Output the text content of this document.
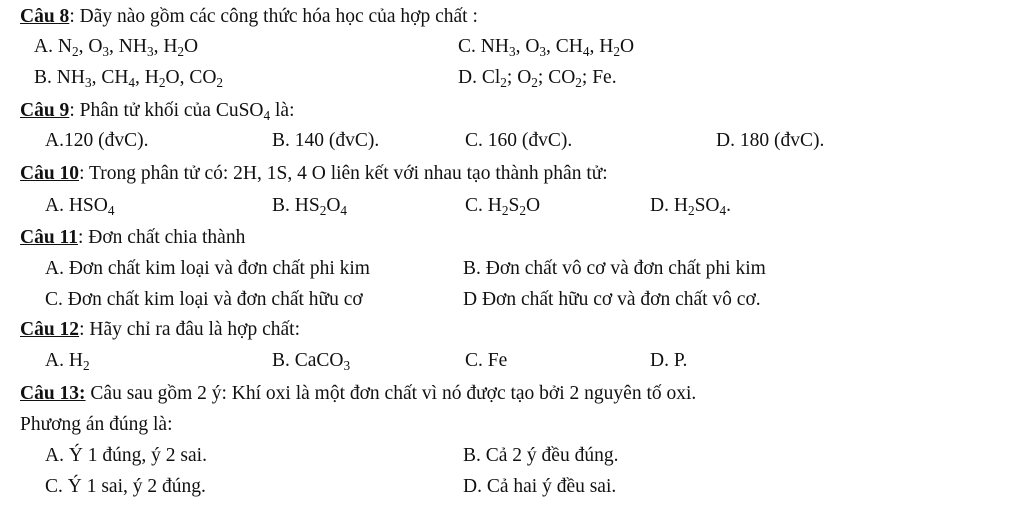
Câu 8: Dãy nào gồm các công thức hóa học của hợp chất :
A. $N_2$, $O_3$, $NH_3$, $H_2O$	C. $NH_3$, $O_3$, $CH_4$, $H_2O$
B. $NH_3$, $CH_4$, $H_2O$, $CO_2$	D. $Cl_2$; $O_2$; $CO_2$; Fe.
Câu 9: Phân tử khối của CuSO$_4$ là:
A.120 (đvC).	B. 140 (đvC).	C. 160 (đvC).	D. 180 (đvC).
Câu 10: Trong phân tử có: 2H, 1S, 4 O liên kết với nhau tạo thành phân tử:
A. $HSO_4$	B. $HS_2O_4$	C. $H_2S_2O$	D. $H_2SO_4$.
Câu 11: Đơn chất chia thành
A. Đơn chất kim loại và đơn chất phi kim	B. Đơn chất vô cơ và đơn chất phi kim
C. Đơn chất kim loại và đơn chất hữu cơ	D Đơn chất hữu cơ và đơn chất vô cơ.
Câu 12: Hãy chỉ ra đâu là hợp chất:
A. $H_2$	B. CaCO$_3$	C. Fe	D. P.
Câu 13: Câu sau gồm 2 ý: Khí oxi là một đơn chất vì nó được tạo bởi 2 nguyên tố oxi.
Phương án đúng là:
A. Ý 1 đúng, ý 2 sai.	B. Cả 2 ý đều đúng.
C. Ý 1 sai, ý 2 đúng.	D. Cả hai ý đều sai.
